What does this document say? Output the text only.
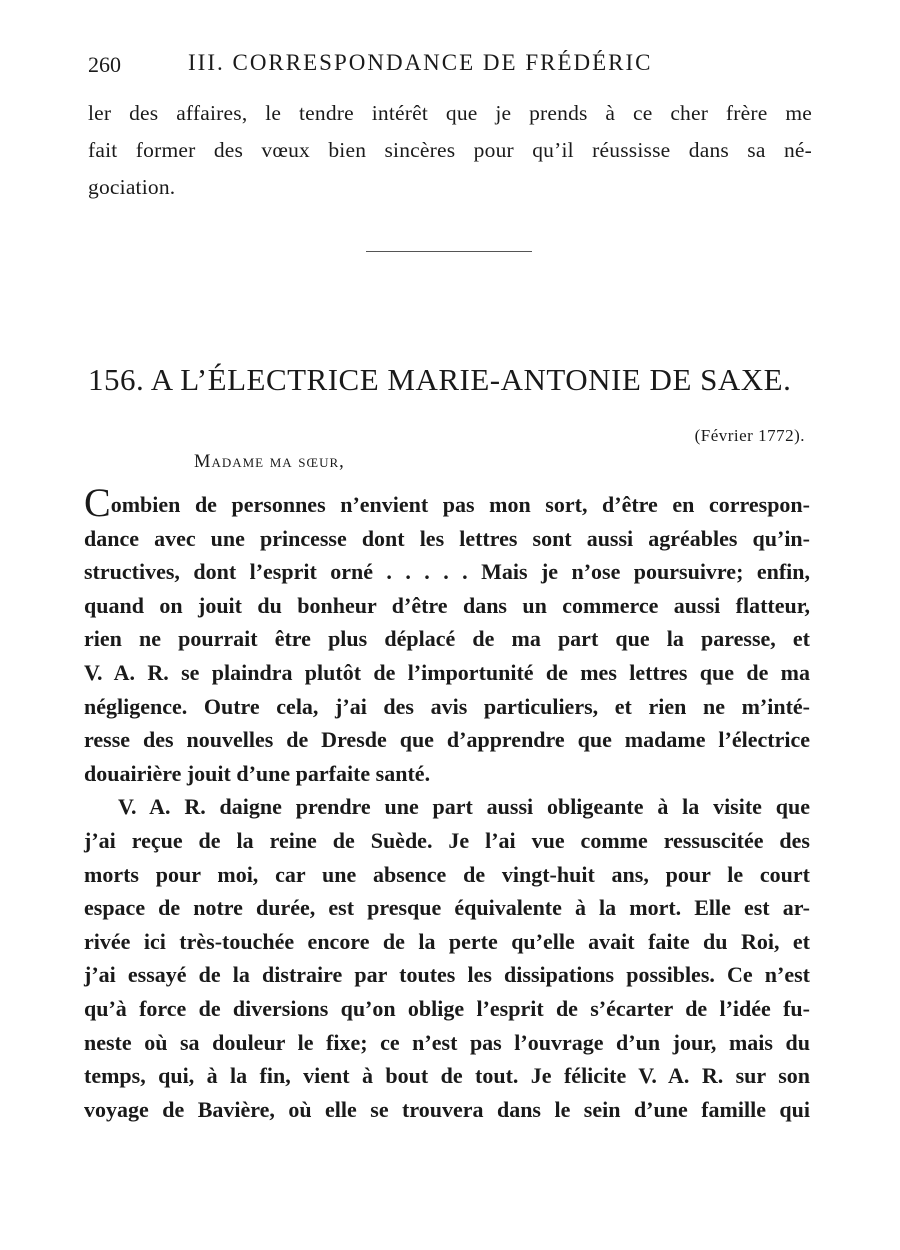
260	III. CORRESPONDANCE DE FRÉDÉRIC
ler des affaires, le tendre intérêt que je prends à ce cher frère me
fait former des vœux bien sincères pour qu’il réussisse dans sa né-
gociation.
156. A L’ÉLECTRICE MARIE-ANTONIE DE SAXE.
(Février 1772).
Madame ma sœur,
Combien de personnes n’envient pas mon sort, d’être en correspon-
dance avec une princesse dont les lettres sont aussi agréables qu’in-
structives, dont l’esprit orné . . . . . Mais je n’ose poursuivre; enfin,
quand on jouit du bonheur d’être dans un commerce aussi flatteur,
rien ne pourrait être plus déplacé de ma part que la paresse, et
V. A. R. se plaindra plutôt de l’importunité de mes lettres que de ma
négligence. Outre cela, j’ai des avis particuliers, et rien ne m’inté-
resse des nouvelles de Dresde que d’apprendre que madame l’électrice
douairière jouit d’une parfaite santé.
V. A. R. daigne prendre une part aussi obligeante à la visite que
j’ai reçue de la reine de Suède. Je l’ai vue comme ressuscitée des
morts pour moi, car une absence de vingt-huit ans, pour le court
espace de notre durée, est presque équivalente à la mort. Elle est ar-
rivée ici très-touchée encore de la perte qu’elle avait faite du Roi, et
j’ai essayé de la distraire par toutes les dissipations possibles. Ce n’est
qu’à force de diversions qu’on oblige l’esprit de s’écarter de l’idée fu-
neste où sa douleur le fixe; ce n’est pas l’ouvrage d’un jour, mais du
temps, qui, à la fin, vient à bout de tout. Je félicite V. A. R. sur son
voyage de Bavière, où elle se trouvera dans le sein d’une famille qui
